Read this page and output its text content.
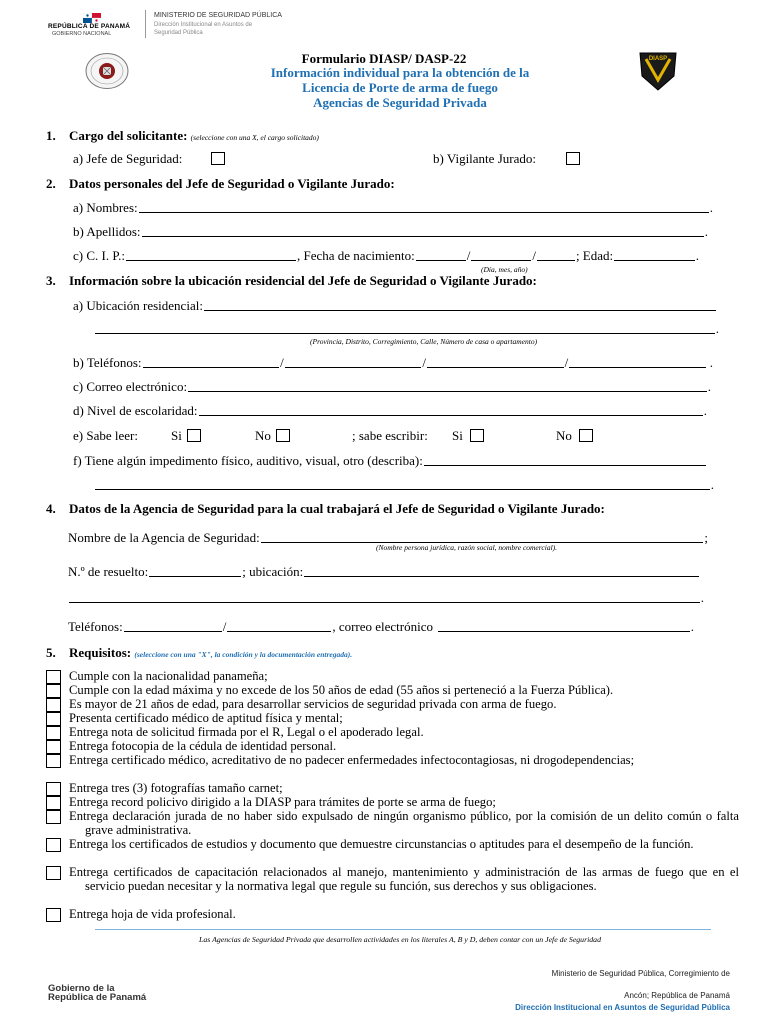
REPÚBLICA DE PANAMÁ
GOBIERNO NACIONAL
MINISTERIO DE SEGURIDAD PÚBLICA
Dirección Institucional en Asuntos de
Seguridad Pública
DIASP
Formulario DIASP/ DASP-22
Información individual para la obtención de la
Licencia de Porte de arma de fuego
Agencias de Seguridad Privada
1. Cargo del solicitante: (seleccione con una X, el cargo solicitado)
a) Jefe de Seguridad:	b) Vigilante Jurado:
2. Datos personales del Jefe de Seguridad o Vigilante Jurado:
a) Nombres:	.
b) Apellidos:	.
c) C. I. P.:	, Fecha de nacimiento:	/	/	; Edad:	.
(Día, mes, año)
3. Información sobre la ubicación residencial del Jefe de Seguridad o Vigilante Jurado:
a) Ubicación residencial:
.
(Provincia, Distrito, Corregimiento, Calle, Número de casa o apartamento)
b) Teléfonos:	/	/	/	.
c) Correo electrónico:	.
d) Nivel de escolaridad:	.
e) Sabe leer:	Si	No	; sabe escribir: Si	No
f) Tiene algún impedimento físico, auditivo, visual, otro (describa):
.
4. Datos de la Agencia de Seguridad para la cual trabajará el Jefe de Seguridad o Vigilante Jurado:
Nombre de la Agencia de Seguridad:	;
(Nombre persona jurídica, razón social, nombre comercial).
N.º de resuelto:	; ubicación:
.
Teléfonos:	/	, correo electrónico	.
5. Requisitos: (seleccione con una "X", la condición y la documentación entregada).
Cumple con la nacionalidad panameña;
Cumple con la edad máxima y no excede de los 50 años de edad (55 años si perteneció a la Fuerza Pública).
Es mayor de 21 años de edad, para desarrollar servicios de seguridad privada con arma de fuego.
Presenta certificado médico de aptitud física y mental;
Entrega nota de solicitud firmada por el R, Legal o el apoderado legal.
Entrega fotocopia de la cédula de identidad personal.
Entrega certificado médico, acreditativo de no padecer enfermedades infectocontagiosas, ni drogodependencias;
Entrega tres (3) fotografías tamaño carnet;
Entrega record policivo dirigido a la DIASP para trámites de porte se arma de fuego;
Entrega declaración jurada de no haber sido expulsado de ningún organismo público, por la comisión de un delito común o falta grave administrativa.
Entrega los certificados de estudios y documento que demuestre circunstancias o aptitudes para el desempeño de la función.
Entrega certificados de capacitación relacionados al manejo, mantenimiento y administración de las armas de fuego que en el servicio puedan necesitar y la normativa legal que regule su función, sus derechos y sus obligaciones.
Entrega hoja de vida profesional.
Las Agencias de Seguridad Privada que desarrollen actividades en los literales A, B y D, deben contar con un Jefe de Seguridad
Gobierno de la
República de Panamá
Ministerio de Seguridad Pública, Corregimiento de
Ancón; República de Panamá
Dirección Institucional en Asuntos de Seguridad Pública
